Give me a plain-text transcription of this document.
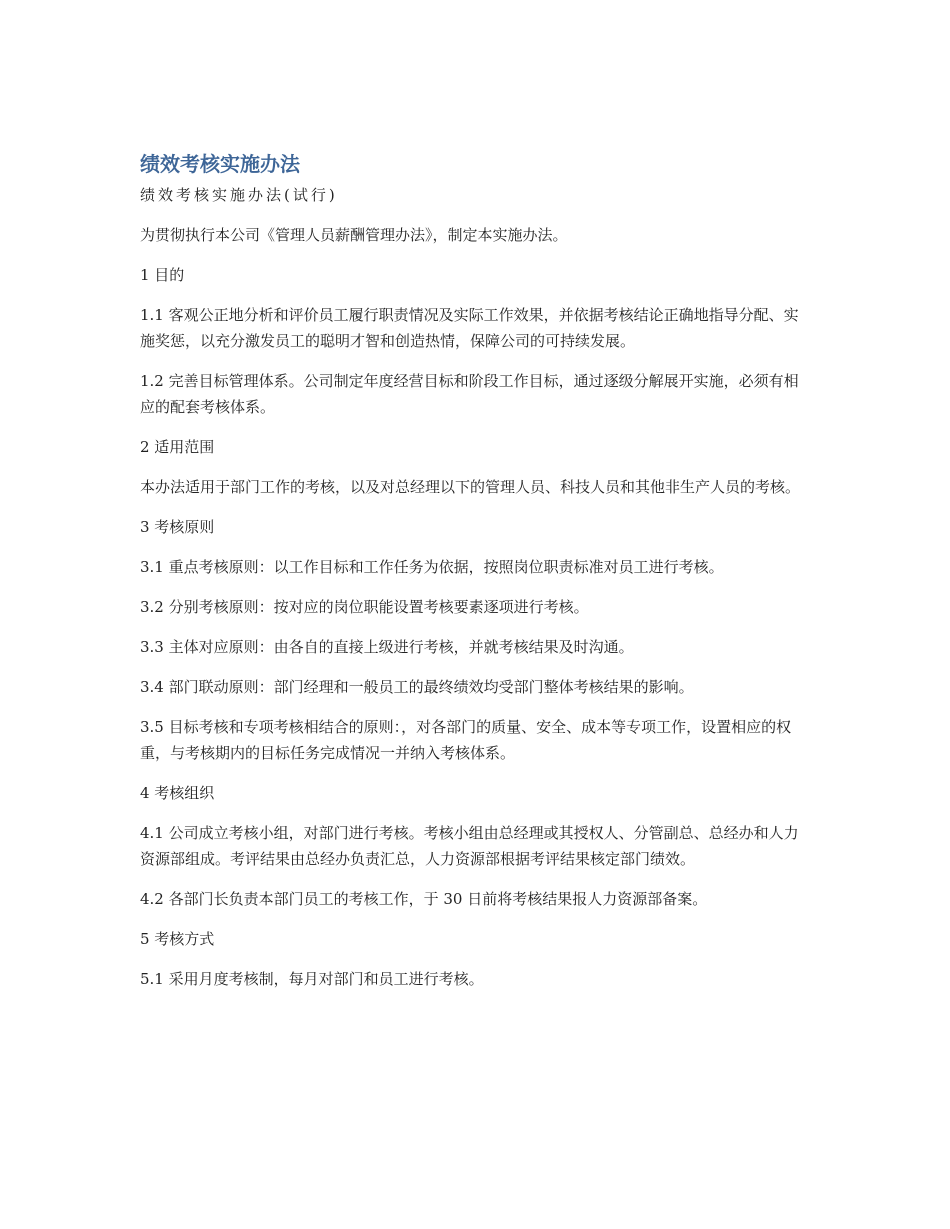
绩效考核实施办法

绩效考核实施办法(试行)

为贯彻执行本公司《管理人员薪酬管理办法》，制定本实施办法。

1 目的

1.1 客观公正地分析和评价员工履行职责情况及实际工作效果，并依据考核结论正确地指导分配、实施奖惩，以充分激发员工的聪明才智和创造热情，保障公司的可持续发展。

1.2 完善目标管理体系。公司制定年度经营目标和阶段工作目标，通过逐级分解展开实施，必须有相应的配套考核体系。

2 适用范围

本办法适用于部门工作的考核，以及对总经理以下的管理人员、科技人员和其他非生产人员的考核。

3 考核原则

3.1 重点考核原则：以工作目标和工作任务为依据，按照岗位职责标准对员工进行考核。

3.2 分别考核原则：按对应的岗位职能设置考核要素逐项进行考核。

3.3 主体对应原则：由各自的直接上级进行考核，并就考核结果及时沟通。

3.4 部门联动原则：部门经理和一般员工的最终绩效均受部门整体考核结果的影响。

3.5 目标考核和专项考核相结合的原则：，对各部门的质量、安全、成本等专项工作，设置相应的权重，与考核期内的目标任务完成情况一并纳入考核体系。

4 考核组织

4.1 公司成立考核小组，对部门进行考核。考核小组由总经理或其授权人、分管副总、总经办和人力资源部组成。考评结果由总经办负责汇总，人力资源部根据考评结果核定部门绩效。

4.2 各部门长负责本部门员工的考核工作，于 30 日前将考核结果报人力资源部备案。

5 考核方式

5.1 采用月度考核制，每月对部门和员工进行考核。
